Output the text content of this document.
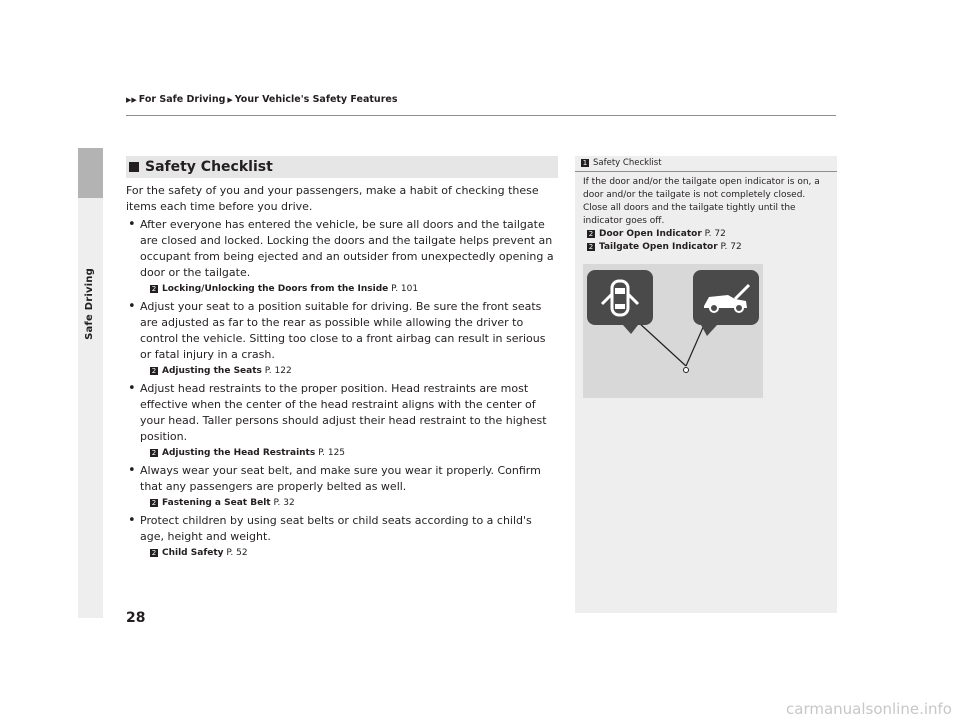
▶▶ For Safe Driving ▶ Your Vehicle's Safety Features
Safe Driving
Safety Checklist

For the safety of you and your passengers, make a habit of checking these items each time before you drive.

• After everyone has entered the vehicle, be sure all doors and the tailgate are closed and locked. Locking the doors and the tailgate helps prevent an occupant from being ejected and an outsider from unexpectedly opening a door or the tailgate.
2 Locking/Unlocking the Doors from the Inside P. 101
• Adjust your seat to a position suitable for driving. Be sure the front seats are adjusted as far to the rear as possible while allowing the driver to control the vehicle. Sitting too close to a front airbag can result in serious or fatal injury in a crash.
2 Adjusting the Seats P. 122
• Adjust head restraints to the proper position. Head restraints are most effective when the center of the head restraint aligns with the center of your head. Taller persons should adjust their head restraint to the highest position.
2 Adjusting the Head Restraints P. 125
• Always wear your seat belt, and make sure you wear it properly. Confirm that any passengers are properly belted as well.
2 Fastening a Seat Belt P. 32
• Protect children by using seat belts or child seats according to a child's age, height and weight.
2 Child Safety P. 52
1 Safety Checklist
If the door and/or the tailgate open indicator is on, a door and/or the tailgate is not completely closed. Close all doors and the tailgate tightly until the indicator goes off.
2 Door Open Indicator P. 72
2 Tailgate Open Indicator P. 72
28
carmanualsonline.info
